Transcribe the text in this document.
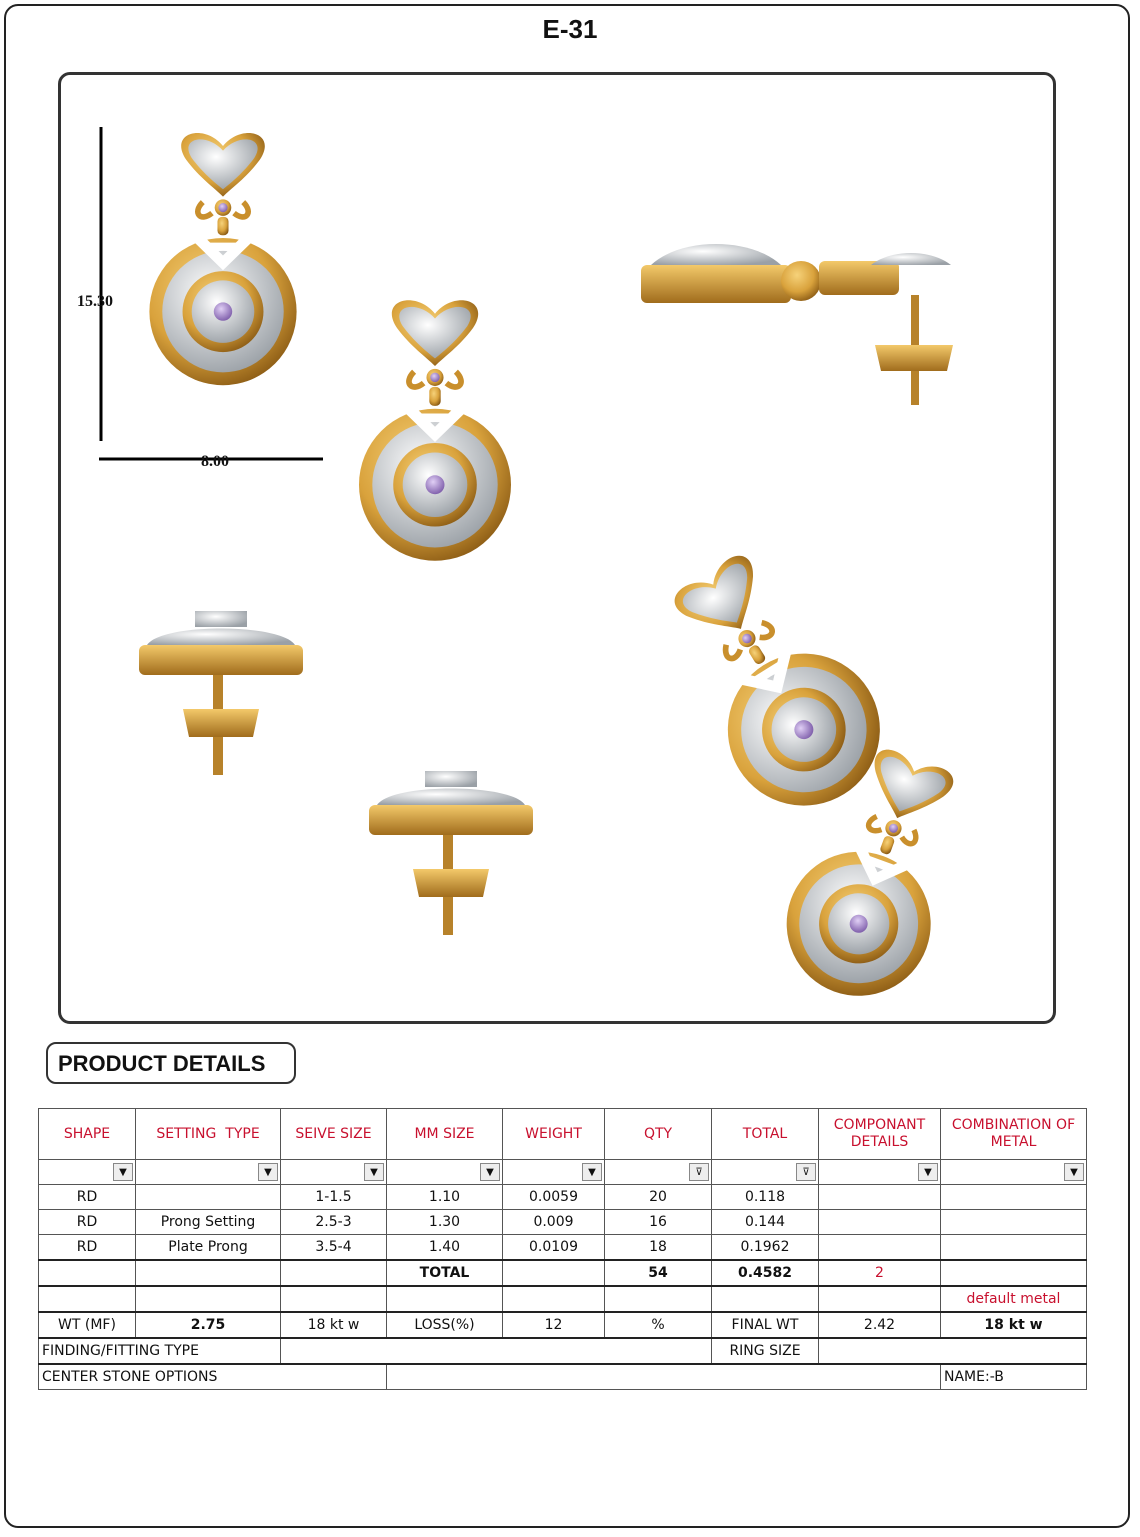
E-31
15.30
8.00
PRODUCT DETAILS
SHAPE	SETTING  TYPE	SEIVE SIZE	MM SIZE	WEIGHT	QTY	TOTAL	COMPONANT DETAILS	COMBINATION OF METAL

▼	▼	▼	▼	▼	⊽	⊽	▼	▼

RD		1-1.5	1.10	0.0059	20	0.118		
RD	Prong Setting	2.5-3	1.30	0.009	16	0.144		
RD	Plate Prong	3.5-4	1.40	0.0109	18	0.1962		
			TOTAL		54	0.4582	2	
								default metal
WT (MF)	2.75	18 kt w	LOSS(%)	12	%	FINAL WT	2.42	18 kt w
FINDING/FITTING TYPE						RING SIZE		
CENTER STONE OPTIONS								NAME:-B
